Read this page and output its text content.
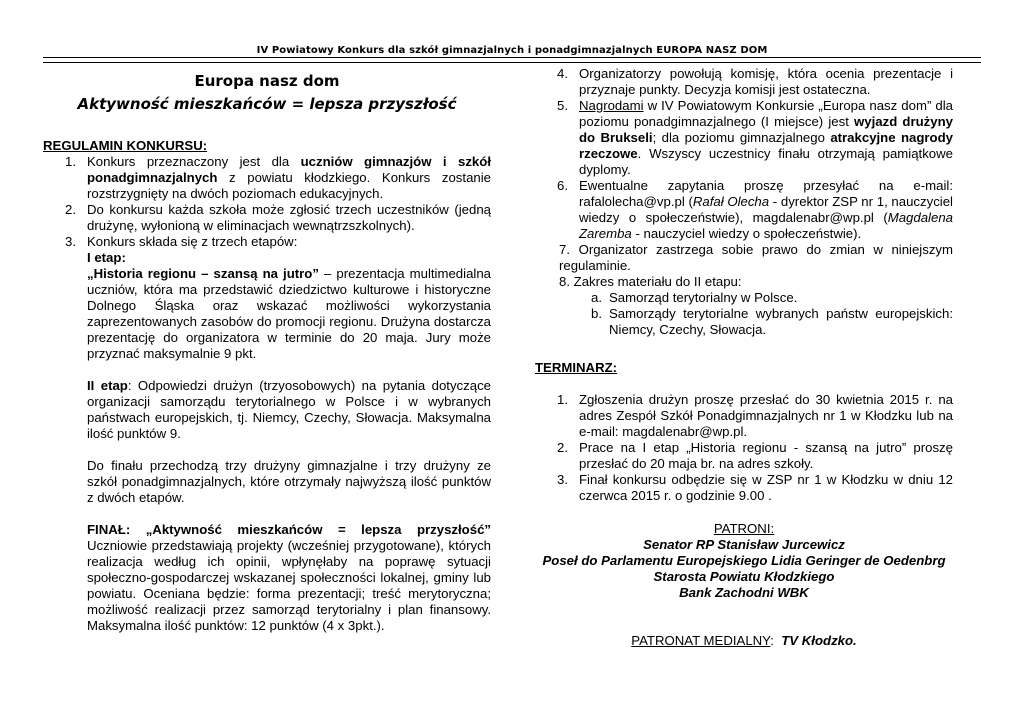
IV Powiatowy Konkurs dla szkół gimnazjalnych i ponadgimnazjalnych EUROPA NASZ DOM
Europa nasz dom
Aktywność mieszkańców = lepsza przyszłość
REGULAMIN KONKURSU:
1. Konkurs przeznaczony jest dla uczniów gimnazjów i szkół ponadgimnazjalnych z powiatu kłodzkiego. Konkurs zostanie rozstrzygnięty na dwóch poziomach edukacyjnych.
2. Do konkursu każda szkoła może zgłosić trzech uczestników (jedną drużynę, wyłonioną w eliminacjach wewnątrzszkolnych).
3. Konkurs składa się z trzech etapów:
I etap:
„Historia regionu – szansą na jutro” – prezentacja multimedialna uczniów, która ma przedstawić dziedzictwo kulturowe i historyczne Dolnego Śląska oraz wskazać możliwości wykorzystania zaprezentowanych zasobów do promocji regionu. Drużyna dostarcza prezentację do organizatora w terminie do 20 maja. Jury może przyznać maksymalnie 9 pkt.
II etap: Odpowiedzi drużyn (trzyosobowych) na pytania dotyczące organizacji samorządu terytorialnego w Polsce i w wybranych państwach europejskich, tj. Niemcy, Czechy, Słowacja. Maksymalna ilość punktów 9.
Do finału przechodzą trzy drużyny gimnazjalne i trzy drużyny ze szkół ponadgimnazjalnych, które otrzymały najwyższą ilość punktów z dwóch etapów.
FINAŁ: „Aktywność mieszkańców = lepsza przyszłość” Uczniowie przedstawiają projekty (wcześniej przygotowane), których realizacja według ich opinii, wpłynęłaby na poprawę sytuacji społeczno-gospodarczej wskazanej społeczności lokalnej, gminy lub powiatu. Oceniana będzie: forma prezentacji; treść merytoryczna; możliwość realizacji przez samorząd terytorialny i plan finansowy. Maksymalna ilość punktów: 12 punktów (4 x 3pkt.).
4. Organizatorzy powołują komisję, która ocenia prezentacje i przyznaje punkty. Decyzja komisji jest ostateczna.
5. Nagrodami w IV Powiatowym Konkursie „Europa nasz dom” dla poziomu ponadgimnazjalnego (I miejsce) jest wyjazd drużyny do Brukseli; dla poziomu gimnazjalnego atrakcyjne nagrody rzeczowe. Wszyscy uczestnicy finału otrzymają pamiątkowe dyplomy.
6. Ewentualne zapytania proszę przesyłać na e-mail: rafalolecha@vp.pl (Rafał Olecha - dyrektor ZSP nr 1, nauczyciel wiedzy o społeczeństwie), magdalenabr@wp.pl (Magdalena Zaremba - nauczyciel wiedzy o społeczeństwie).
7. Organizator zastrzega sobie prawo do zmian w niniejszym regulaminie.
8. Zakres materiału do II etapu:
a. Samorząd terytorialny w Polsce.
b. Samorządy terytorialne wybranych państw europejskich: Niemcy, Czechy, Słowacja.
TERMINARZ:
1. Zgłoszenia drużyn proszę przesłać do 30 kwietnia 2015 r. na adres Zespół Szkół Ponadgimnazjalnych nr 1 w Kłodzku lub na e-mail: magdalenabr@wp.pl.
2. Prace na I etap „Historia regionu - szansą na jutro” proszę przesłać do 20 maja br. na adres szkoły.
3. Finał konkursu odbędzie się w ZSP nr 1 w Kłodzku w dniu 12 czerwca 2015 r. o godzinie 9.00 .
PATRONI:
Senator RP Stanisław Jurcewicz
Poseł do Parlamentu Europejskiego Lidia Geringer de Oedenbrg
Starosta Powiatu Kłodzkiego
Bank Zachodni WBK
PATRONAT MEDIALNY:  TV Kłodzko.
